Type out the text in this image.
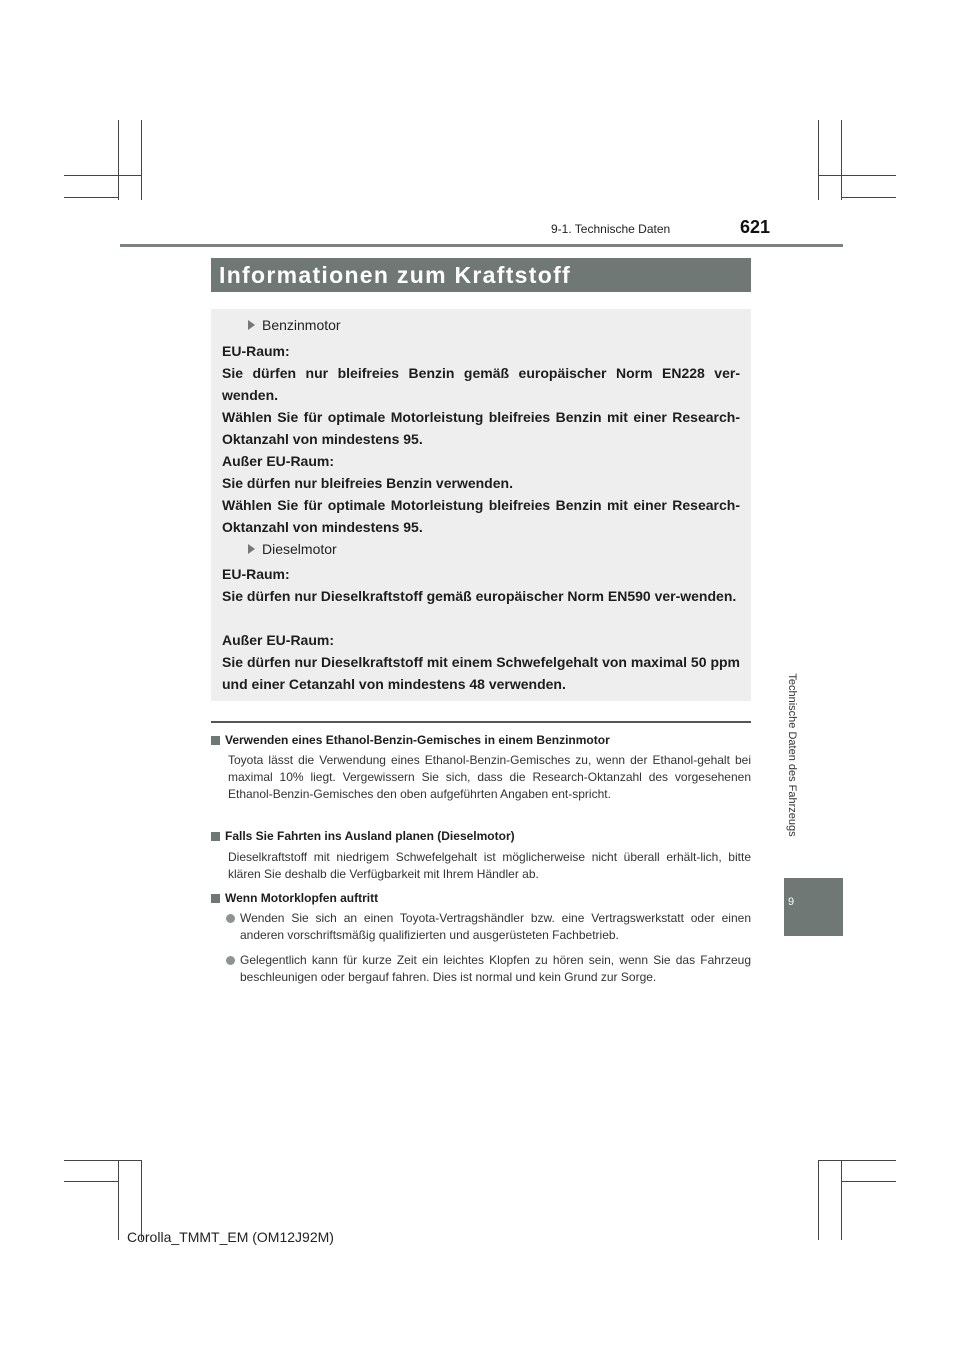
9-1. Technische Daten	621
Informationen zum Kraftstoff
Benzinmotor

EU-Raum:

Sie dürfen nur bleifreies Benzin gemäß europäischer Norm EN228 ver-wenden.

Wählen Sie für optimale Motorleistung bleifreies Benzin mit einer Research-Oktanzahl von mindestens 95.

Außer EU-Raum:

Sie dürfen nur bleifreies Benzin verwenden.

Wählen Sie für optimale Motorleistung bleifreies Benzin mit einer Research-Oktanzahl von mindestens 95.

Dieselmotor

EU-Raum:

Sie dürfen nur Dieselkraftstoff gemäß europäischer Norm EN590 ver-wenden.

Außer EU-Raum:

Sie dürfen nur Dieselkraftstoff mit einem Schwefelgehalt von maximal 50 ppm und einer Cetanzahl von mindestens 48 verwenden.	Technische Daten des Fahrzeugs
9
Verwenden eines Ethanol-Benzin-Gemisches in einem Benzinmotor
Toyota lässt die Verwendung eines Ethanol-Benzin-Gemisches zu, wenn der Ethanol-gehalt bei maximal 10% liegt. Vergewissern Sie sich, dass die Research-Oktanzahl des vorgesehenen Ethanol-Benzin-Gemisches den oben aufgeführten Angaben ent-spricht.
Falls Sie Fahrten ins Ausland planen (Dieselmotor)
Dieselkraftstoff mit niedrigem Schwefelgehalt ist möglicherweise nicht überall erhält-lich, bitte klären Sie deshalb die Verfügbarkeit mit Ihrem Händler ab.
Wenn Motorklopfen auftritt
Wenden Sie sich an einen Toyota-Vertragshändler bzw. eine Vertragswerkstatt oder einen anderen vorschriftsmäßig qualifizierten und ausgerüsteten Fachbetrieb.
Gelegentlich kann für kurze Zeit ein leichtes Klopfen zu hören sein, wenn Sie das Fahrzeug beschleunigen oder bergauf fahren. Dies ist normal und kein Grund zur Sorge.
Corolla_TMMT_EM (OM12J92M)
